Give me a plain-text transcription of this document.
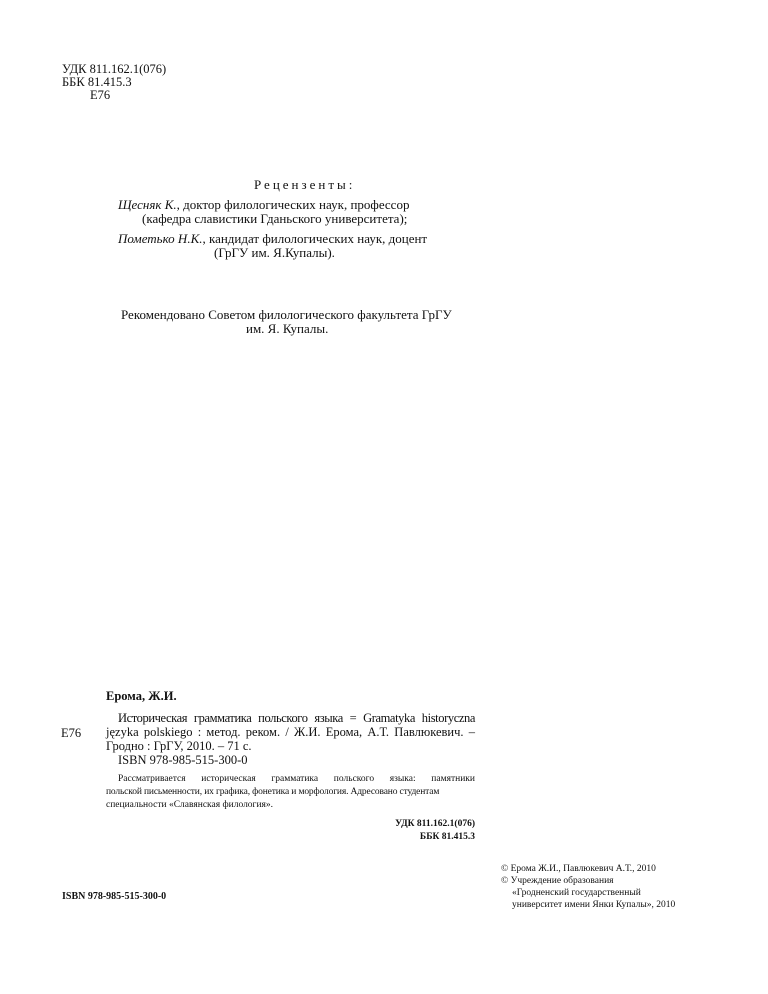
УДК 811.162.1(076)
ББК 81.415.3
Е76
Рецензенты:
Щесняк К., доктор филологических наук, профессор
(кафедра славистики Гданьского университета);
Пометько Н.К., кандидат филологических наук, доцент
(ГрГУ им. Я.Купалы).
Рекомендовано Советом филологического факультета ГрГУ
им. Я. Купалы.
Ерома, Ж.И.
Е76
Историческая грамматика польского языка = Gramatyka historyczna
języka polskiego : метод. реком. / Ж.И. Ерома, А.Т. Павлюкевич. –
Гродно : ГрГУ, 2010. – 71 с.
ISBN 978-985-515-300-0
Рассматривается историческая грамматика польского языка: памятники
польской письменности, их графика, фонетика и морфология. Адресовано студентам
специальности «Славянская филология».
УДК 811.162.1(076)
ББК 81.415.3
ISBN 978-985-515-300-0
© Ерома Ж.И., Павлюкевич А.Т., 2010
© Учреждение образования
«Гродненский государственный
университет имени Янки Купалы», 2010
